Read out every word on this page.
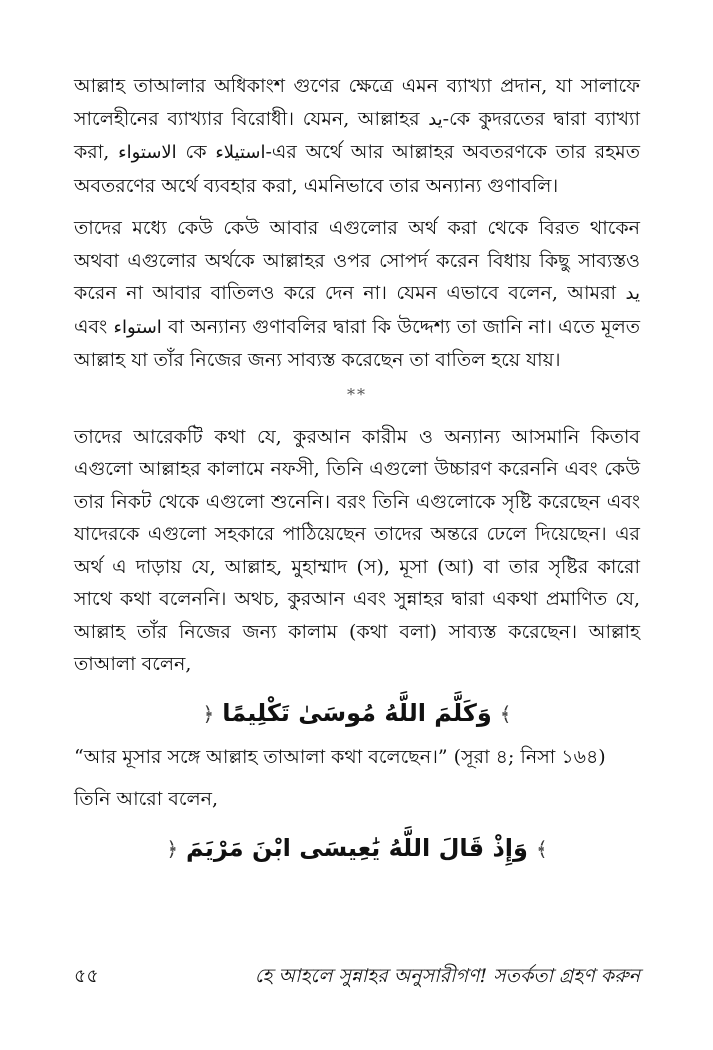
আল্লাহ তাআলার অধিকাংশ গুণের ক্ষেত্রে এমন ব্যাখ্যা প্রদান, যা সালাফে সালেহীনের ব্যাখ্যার বিরোধী। যেমন, আল্লাহর يد-কে কুদরতের দ্বারা ব্যাখ্যা করা, الاستواء কে استيلاء-এর অর্থে আর আল্লাহর অবতরণকে তার রহমত অবতরণের অর্থে ব্যবহার করা, এমনিভাবে তার অন্যান্য গুণাবলি।

তাদের মধ্যে কেউ কেউ আবার এগুলোর অর্থ করা থেকে বিরত থাকেন অথবা এগুলোর অর্থকে আল্লাহর ওপর সোপর্দ করেন বিধায় কিছু সাব্যস্তও করেন না আবার বাতিলও করে দেন না। যেমন এভাবে বলেন, আমরা يد এবং استواء বা অন্যান্য গুণাবলির দ্বারা কি উদ্দেশ্য তা জানি না। এতে মূলত আল্লাহ যা তাঁর নিজের জন্য সাব্যস্ত করেছেন তা বাতিল হয়ে যায়।

**

তাদের আরেকটি কথা যে, কুরআন কারীম ও অন্যান্য আসমানি কিতাব এগুলো আল্লাহর কালামে নফসী, তিনি এগুলো উচ্চারণ করেননি এবং কেউ তার নিকট থেকে এগুলো শুনেনি। বরং তিনি এগুলোকে সৃষ্টি করেছেন এবং যাদেরকে এগুলো সহকারে পাঠিয়েছেন তাদের অন্তরে ঢেলে দিয়েছেন। এর অর্থ এ দাড়ায় যে, আল্লাহ, মুহাম্মাদ (স), মূসা (আ) বা তার সৃষ্টির কারো সাথে কথা বলেননি। অথচ, কুরআন এবং সুন্নাহর দ্বারা একথা প্রমাণিত যে, আল্লাহ তাঁর নিজের জন্য কালাম (কথা বলা) সাব্যস্ত করেছেন। আল্লাহ তাআলা বলেন,

﴿ وَكَلَّمَ اللَّهُ مُوسَىٰ تَكْلِيمًا ﴾

“আর মূসার সঙ্গে আল্লাহ তাআলা কথা বলেছেন।” (সূরা ৪; নিসা ১৬৪)

তিনি আরো বলেন,

﴿ وَإِذْ قَالَ اللَّهُ يَٰعِيسَى ابْنَ مَرْيَمَ ﴾
৫৫	হে আহলে সুন্নাহর অনুসারীগণ! সতর্কতা গ্রহণ করুন
